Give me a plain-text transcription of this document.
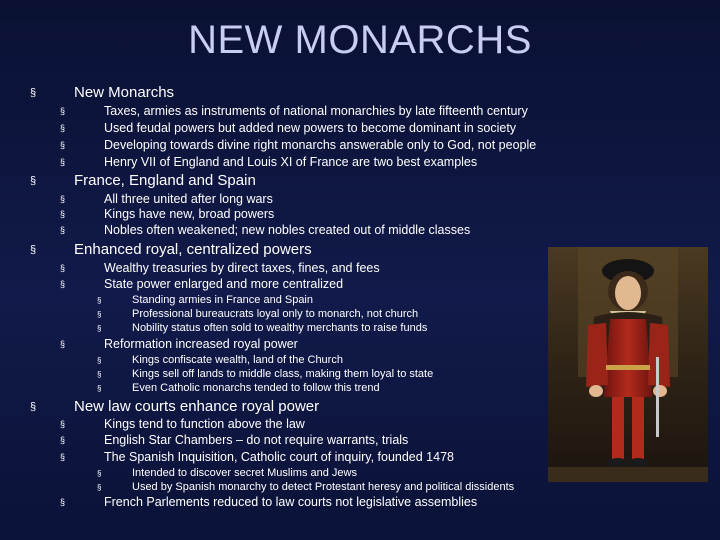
NEW MONARCHS
§	New Monarchs
§	Taxes, armies as instruments of national monarchies by late fifteenth century
§	Used feudal powers but added new powers to become dominant in society
§	Developing towards divine right monarchs answerable only to God, not people
§	Henry VII of England and Louis XI of France are two best examples
§	France, England and Spain
§	All three united after long wars
§	Kings have new, broad powers
§	Nobles often weakened; new nobles created out of middle classes
§	Enhanced royal, centralized powers
§	Wealthy treasuries by direct taxes, fines, and fees
§	State power enlarged and more centralized
§	Standing armies in France and Spain
§	Professional bureaucrats loyal only to monarch, not church
§	Nobility status often sold to wealthy merchants to raise funds
§	Reformation increased royal power
§	Kings confiscate wealth, land of the Church
§	Kings sell off lands to middle class, making them loyal to state
§	Even Catholic monarchs tended to follow this trend
§	New law courts enhance royal power
§	Kings tend to function above the law
§	English Star Chambers – do not require warrants, trials
§	The Spanish Inquisition, Catholic court of inquiry, founded 1478
§	Intended to discover secret Muslims and Jews
§	Used by Spanish monarchy to detect Protestant heresy and political dissidents
§	French Parlements reduced to law courts not legislative assemblies
